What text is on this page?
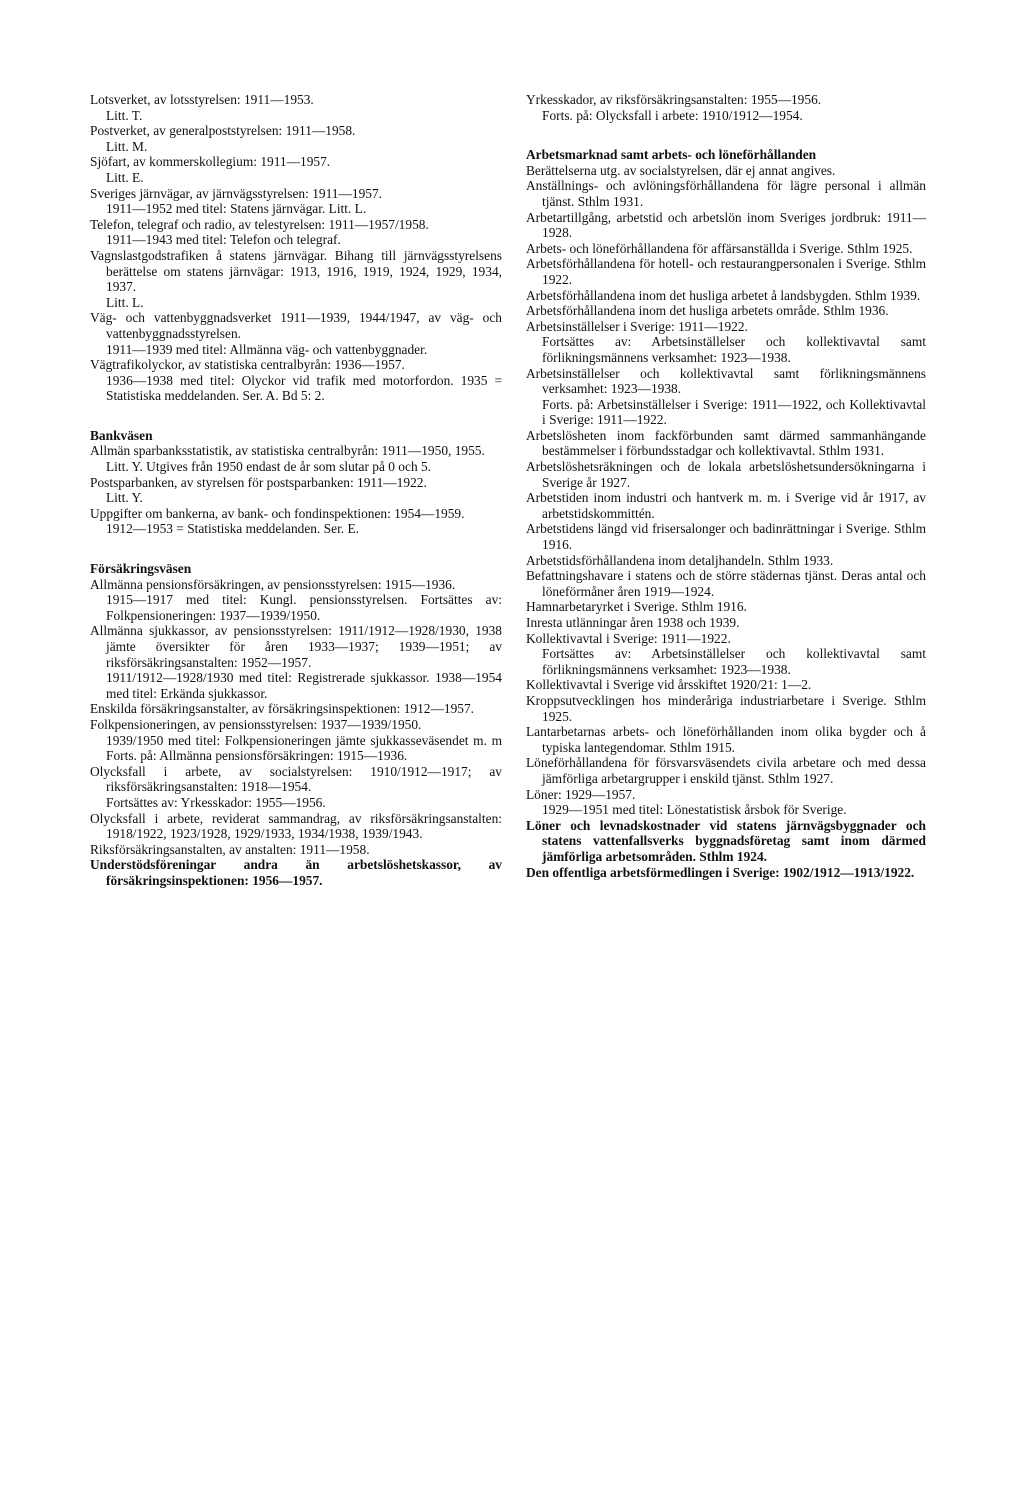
Lotsverket, av lotsstyrelsen: 1911—1953.

Litt. T.

Postverket, av generalpoststyrelsen: 1911—1958.

Litt. M.

Sjöfart, av kommerskollegium: 1911—1957.

Litt. E.

Sveriges järnvägar, av järnvägsstyrelsen: 1911—1957.

1911—1952 med titel: Statens järnvägar. Litt. L.

Telefon, telegraf och radio, av telestyrelsen: 1911—1957/1958.

1911—1943 med titel: Telefon och telegraf.

Vagnslastgodstrafiken å statens järnvägar. Bihang till järnvägsstyrelsens berättelse om statens järnvägar: 1913, 1916, 1919, 1924, 1929, 1934, 1937.

Litt. L.

Väg- och vattenbyggnadsverket 1911—1939, 1944/1947, av väg- och vattenbyggnadsstyrelsen.

1911—1939 med titel: Allmänna väg- och vattenbyggnader.

Vägtrafikolyckor, av statistiska centralbyrån: 1936—1957.

1936—1938 med titel: Olyckor vid trafik med motorfordon. 1935 = Statistiska meddelanden. Ser. A. Bd 5: 2.

Bankväsen

Allmän sparbanksstatistik, av statistiska centralbyrån: 1911—1950, 1955.

Litt. Y. Utgives från 1950 endast de år som slutar på 0 och 5.

Postsparbanken, av styrelsen för postsparbanken: 1911—1922.

Litt. Y.

Uppgifter om bankerna, av bank- och fondinspektionen: 1954—1959.

1912—1953 = Statistiska meddelanden. Ser. E.

Försäkringsväsen

Allmänna pensionsförsäkringen, av pensionsstyrelsen: 1915—1936.

1915—1917 med titel: Kungl. pensionsstyrelsen. Fortsättes av: Folkpensioneringen: 1937—1939/1950.

Allmänna sjukkassor, av pensionsstyrelsen: 1911/1912—1928/1930, 1938 jämte översikter för åren 1933—1937; 1939—1951; av riksförsäkringsanstalten: 1952—1957.

1911/1912—1928/1930 med titel: Registrerade sjukkassor. 1938—1954 med titel: Erkända sjukkassor.

Enskilda försäkringsanstalter, av försäkringsinspektionen: 1912—1957.

Folkpensioneringen, av pensionsstyrelsen: 1937—1939/1950.

1939/1950 med titel: Folkpensioneringen jämte sjukkasseväsendet m. m Forts. på: Allmänna pensionsförsäkringen: 1915—1936.

Olycksfall i arbete, av socialstyrelsen: 1910/1912—1917; av riksförsäkringsanstalten: 1918—1954.

Fortsättes av: Yrkesskador: 1955—1956.

Olycksfall i arbete, reviderat sammandrag, av riksförsäkringsanstalten: 1918/1922, 1923/1928, 1929/1933, 1934/1938, 1939/1943.

Riksförsäkringsanstalten, av anstalten: 1911—1958.

Understödsföreningar andra än arbetslöshetskassor, av försäkringsinspektionen: 1956—1957.

Yrkesskador, av riksförsäkringsanstalten: 1955—1956.

Forts. på: Olycksfall i arbete: 1910/1912—1954.

Arbetsmarknad samt arbets- och löneförhållanden

Berättelserna utg. av socialstyrelsen, där ej annat angives.

Anställnings- och avlöningsförhållandena för lägre personal i allmän tjänst. Sthlm 1931.

Arbetartillgång, arbetstid och arbetslön inom Sveriges jordbruk: 1911—1928.

Arbets- och löneförhållandena för affärsanställda i Sverige. Sthlm 1925.

Arbetsförhållandena för hotell- och restaurangpersonalen i Sverige. Sthlm 1922.

Arbetsförhållandena inom det husliga arbetet å landsbygden. Sthlm 1939.

Arbetsförhållandena inom det husliga arbetets område. Sthlm 1936.

Arbetsinställelser i Sverige: 1911—1922.

Fortsättes av: Arbetsinställelser och kollektivavtal samt förlikningsmännens verksamhet: 1923—1938.

Arbetsinställelser och kollektivavtal samt förlikningsmännens verksamhet: 1923—1938.

Forts. på: Arbetsinställelser i Sverige: 1911—1922, och Kollektivavtal i Sverige: 1911—1922.

Arbetslösheten inom fackförbunden samt därmed sammanhängande bestämmelser i förbundsstadgar och kollektivavtal. Sthlm 1931.

Arbetslöshetsräkningen och de lokala arbetslöshetsundersökningarna i Sverige år 1927.

Arbetstiden inom industri och hantverk m. m. i Sverige vid år 1917, av arbetstidskommittén.

Arbetstidens längd vid frisersalonger och badinrättningar i Sverige. Sthlm 1916.

Arbetstidsförhållandena inom detaljhandeln. Sthlm 1933.

Befattningshavare i statens och de större städernas tjänst. Deras antal och löneförmåner åren 1919—1924.

Hamnarbetaryrket i Sverige. Sthlm 1916.

Inresta utlänningar åren 1938 och 1939.

Kollektivavtal i Sverige: 1911—1922.

Fortsättes av: Arbetsinställelser och kollektivavtal samt förlikningsmännens verksamhet: 1923—1938.

Kollektivavtal i Sverige vid årsskiftet 1920/21: 1—2.

Kroppsutvecklingen hos minderåriga industriarbetare i Sverige. Sthlm 1925.

Lantarbetarnas arbets- och löneförhållanden inom olika bygder och å typiska lantegendomar. Sthlm 1915.

Löneförhållandena för försvarsväsendets civila arbetare och med dessa jämförliga arbetargrupper i enskild tjänst. Sthlm 1927.

Löner: 1929—1957.

1929—1951 med titel: Lönestatistisk årsbok för Sverige.

Löner och levnadskostnader vid statens järnvägsbyggnader och statens vattenfallsverks byggnadsföretag samt inom därmed jämförliga arbetsområden. Sthlm 1924.

Den offentliga arbetsförmedlingen i Sverige: 1902/1912—1913/1922.
